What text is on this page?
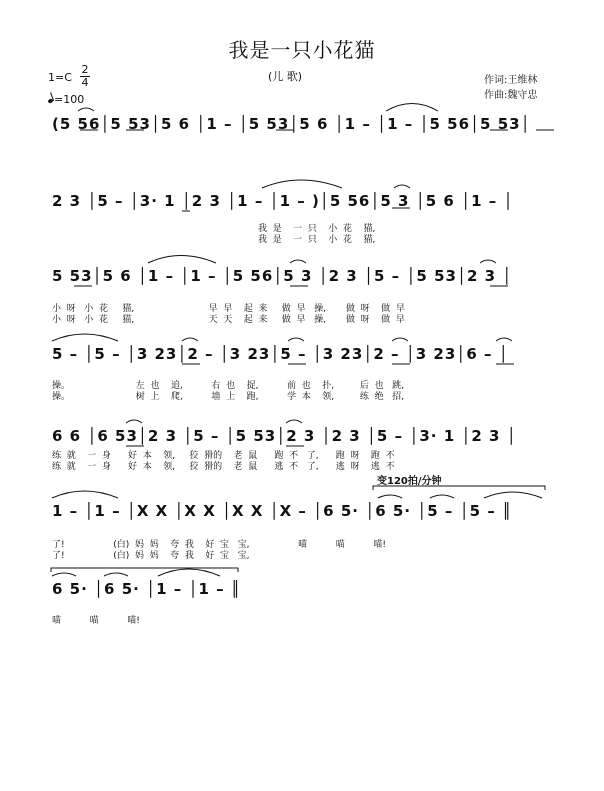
我是一只小花猫
(儿 歌)	作词:王维林
作曲:魏守忠
1=C
2
4
=100
变120拍/分钟
(5 56│5 53│5 6 │1 – │5 53│5 6 │1 – │1 – │5 56│5 53│
2 3 │5 – │3· 1 │2 3 │1 – │1 – )│5 56│5 3 │5 6 │1 – │
我  是    一  只    小  花    猫,
我  是    一  只    小  花    猫,
5 53│5 6 │1 – │1 – │5 56│5 3 │2 3 │5 – │5 53│2 3 │
小  呀   小  花     猫,                          早  早    起  来     做  早   操,       做  呀    做  早
小  呀   小  花     猫,                          天  天    起  来     做  早   操,       做  呀    做  早
5 – │5 – │3 23│2 – │3 23│5 – │3 23│2 – │3 23│6 – │
操。                       左  也    追,          右  也    捉,          前  也    扑,         后  也   跳,
操。                       树  上    爬,          墙  上    跑,          学  本    领,         练  绝   招,
6 6 │6 53│2 3 │5 – │5 53│2 3 │2 3 │5 – │3· 1 │2 3 │
练  就    一  身      好  本    领,     狡  猾的    老  鼠      跑  不   了,      跑  呀    跑  不
练  就    一  身      好  本    领,     狡  猾的    老  鼠      逃  不   了,      逃  呀    逃  不
1 – │1 – │X X │X X │X X │X – │6 5· │6 5· │5 – │5 – ║
了!                 (白)  妈  妈    夸  我    好  宝   宝,                 喵          喵          喵!
了!                 (白)  妈  妈    夸  我    好  宝   宝,
6 5· │6 5· │1 – │1 – ║
喵          喵          喵!
